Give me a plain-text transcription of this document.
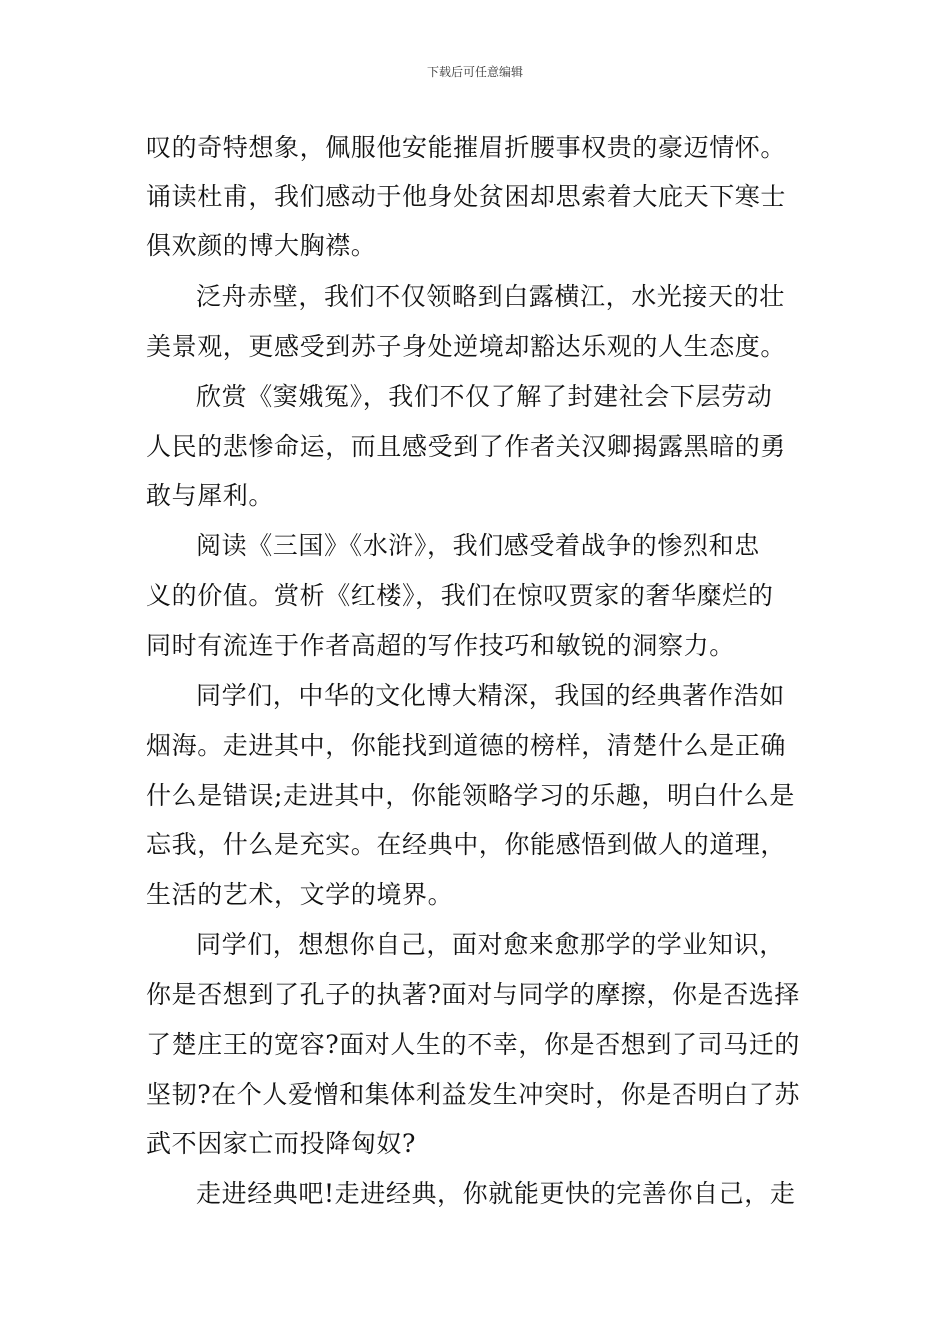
下载后可任意编辑
叹的奇特想象，佩服他安能摧眉折腰事权贵的豪迈情怀。
诵读杜甫，我们感动于他身处贫困却思索着大庇天下寒士
俱欢颜的博大胸襟。
泛舟赤壁，我们不仅领略到白露横江，水光接天的壮
美景观，更感受到苏子身处逆境却豁达乐观的人生态度。
欣赏《窦娥冤》，我们不仅了解了封建社会下层劳动
人民的悲惨命运，而且感受到了作者关汉卿揭露黑暗的勇
敢与犀利。
阅读《三国》《水浒》，我们感受着战争的惨烈和忠
义的价值。赏析《红楼》，我们在惊叹贾家的奢华糜烂的
同时有流连于作者高超的写作技巧和敏锐的洞察力。
同学们，中华的文化博大精深，我国的经典著作浩如
烟海。走进其中，你能找到道德的榜样，清楚什么是正确
什么是错误;走进其中，你能领略学习的乐趣，明白什么是
忘我，什么是充实。在经典中，你能感悟到做人的道理，
生活的艺术，文学的境界。
同学们，想想你自己，面对愈来愈那学的学业知识，
你是否想到了孔子的执著?面对与同学的摩擦，你是否选择
了楚庄王的宽容?面对人生的不幸，你是否想到了司马迁的
坚韧?在个人爱憎和集体利益发生冲突时，你是否明白了苏
武不因家亡而投降匈奴?
走进经典吧!走进经典，你就能更快的完善你自己，走
